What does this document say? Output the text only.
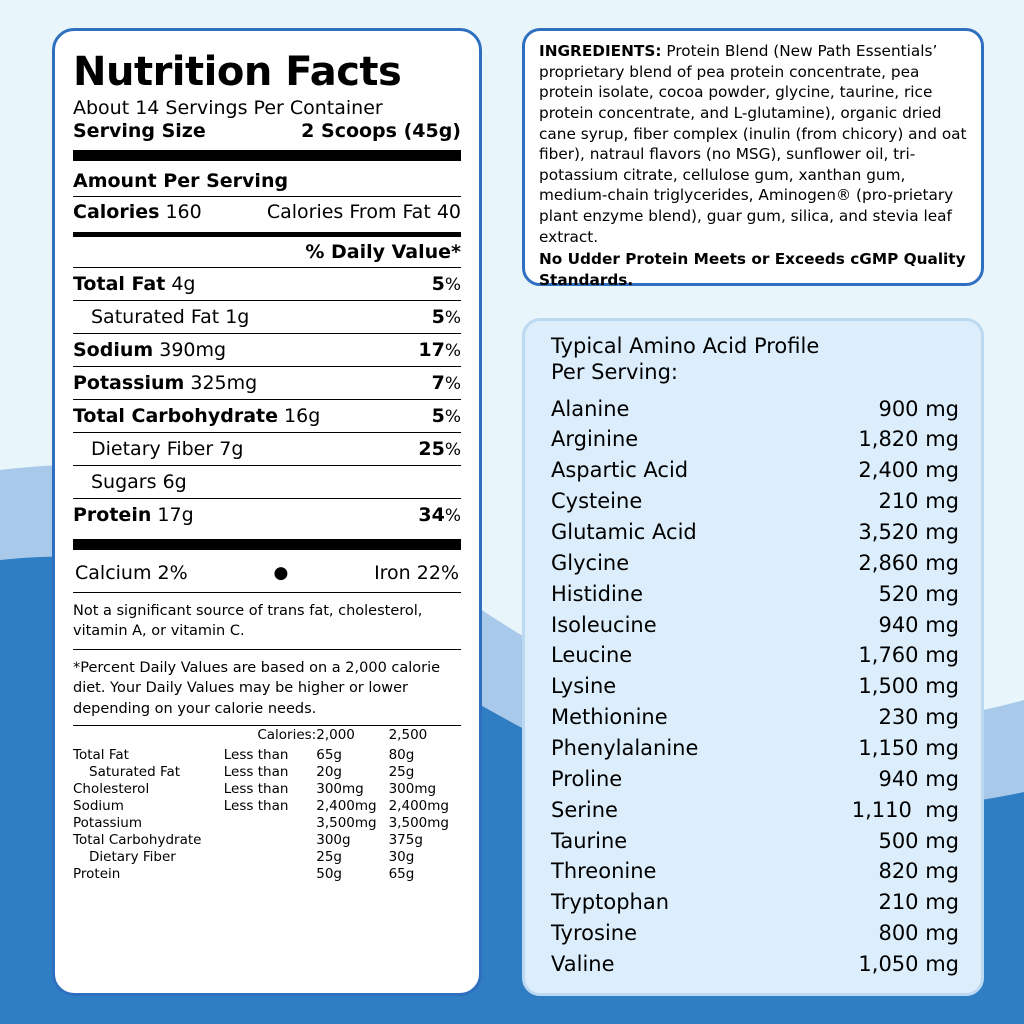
Nutrition Facts
About 14 Servings Per Container
Serving Size	2 Scoops (45g)
Amount Per Serving
Calories 160	Calories From Fat 40
% Daily Value*
Total Fat 4g	5%
Saturated Fat 1g	5%
Sodium 390mg	17%
Potassium 325mg	7%
Total Carbohydrate 16g	5%
Dietary Fiber 7g	25%
Sugars 6g
Protein 17g	34%
Calcium 2%	●	Iron 22%
Not a significant source of trans fat, cholesterol, vitamin A, or vitamin C.
*Percent Daily Values are based on a 2,000 calorie diet. Your Daily Values may be higher or lower depending on your calorie needs.
	Calories:	2,000	2,500
Total Fat	Less than	65g	80g
Saturated Fat	Less than	20g	25g
Cholesterol	Less than	300mg	300mg
Sodium	Less than	2,400mg	2,400mg
Potassium		3,500mg	3,500mg
Total Carbohydrate		300g	375g
Dietary Fiber		25g	30g
Protein		50g	65g
INGREDIENTS: Protein Blend (New Path Essentials’ proprietary blend of pea protein concentrate, pea protein isolate, cocoa powder, glycine, taurine, rice protein concentrate, and L-glutamine), organic dried cane syrup, fiber complex (inulin (from chicory) and oat fiber), natraul flavors (no MSG), sunflower oil, tri-potassium citrate, cellulose gum, xanthan gum, medium-chain triglycerides, Aminogen® (pro-prietary plant enzyme blend), guar gum, silica, and stevia leaf extract.
No Udder Protein Meets or Exceeds cGMP Quality Standards.
Typical Amino Acid Profile
Per Serving:
Alanine	900 mg
Arginine	1,820 mg
Aspartic Acid	2,400 mg
Cysteine	210 mg
Glutamic Acid	3,520 mg
Glycine	2,860 mg
Histidine	520 mg
Isoleucine	940 mg
Leucine	1,760 mg
Lysine	1,500 mg
Methionine	230 mg
Phenylalanine	1,150 mg
Proline	940 mg
Serine	1,110  mg
Taurine	500 mg
Threonine	820 mg
Tryptophan	210 mg
Tyrosine	800 mg
Valine	1,050 mg
